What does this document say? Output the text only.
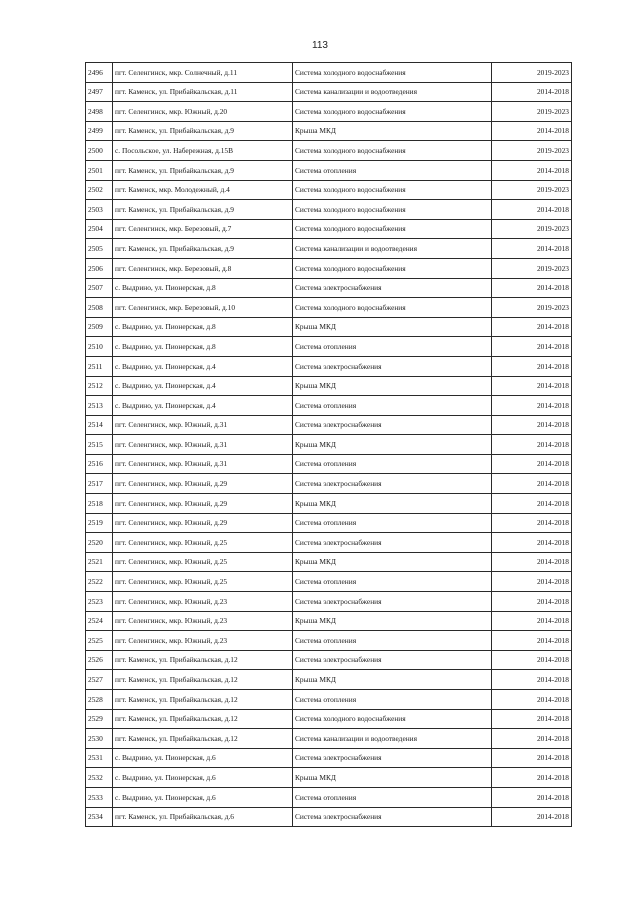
113
2496	пгт. Селенгинск, мкр. Солнечный, д.11	Система холодного водоснабжения	2019-2023
2497	пгт. Каменск, ул. Прибайкальская, д.11	Система канализации и водоотведения	2014-2018
2498	пгт. Селенгинск, мкр. Южный, д.20	Система холодного водоснабжения	2019-2023
2499	пгт. Каменск, ул. Прибайкальская, д.9	Крыша МКД	2014-2018
2500	с. Посольское, ул. Набережная, д.15В	Система холодного водоснабжения	2019-2023
2501	пгт. Каменск, ул. Прибайкальская, д.9	Система отопления	2014-2018
2502	пгт. Каменск, мкр. Молодежный, д.4	Система холодного водоснабжения	2019-2023
2503	пгт. Каменск, ул. Прибайкальская, д.9	Система холодного водоснабжения	2014-2018
2504	пгт. Селенгинск, мкр. Березовый, д.7	Система холодного водоснабжения	2019-2023
2505	пгт. Каменск, ул. Прибайкальская, д.9	Система канализации и водоотведения	2014-2018
2506	пгт. Селенгинск, мкр. Березовый, д.8	Система холодного водоснабжения	2019-2023
2507	с. Выдрино, ул. Пионерская, д.8	Система электроснабжения	2014-2018
2508	пгт. Селенгинск, мкр. Березовый, д.10	Система холодного водоснабжения	2019-2023
2509	с. Выдрино, ул. Пионерская, д.8	Крыша МКД	2014-2018
2510	с. Выдрино, ул. Пионерская, д.8	Система отопления	2014-2018
2511	с. Выдрино, ул. Пионерская, д.4	Система электроснабжения	2014-2018
2512	с. Выдрино, ул. Пионерская, д.4	Крыша МКД	2014-2018
2513	с. Выдрино, ул. Пионерская, д.4	Система отопления	2014-2018
2514	пгт. Селенгинск, мкр. Южный, д.31	Система электроснабжения	2014-2018
2515	пгт. Селенгинск, мкр. Южный, д.31	Крыша МКД	2014-2018
2516	пгт. Селенгинск, мкр. Южный, д.31	Система отопления	2014-2018
2517	пгт. Селенгинск, мкр. Южный, д.29	Система электроснабжения	2014-2018
2518	пгт. Селенгинск, мкр. Южный, д.29	Крыша МКД	2014-2018
2519	пгт. Селенгинск, мкр. Южный, д.29	Система отопления	2014-2018
2520	пгт. Селенгинск, мкр. Южный, д.25	Система электроснабжения	2014-2018
2521	пгт. Селенгинск, мкр. Южный, д.25	Крыша МКД	2014-2018
2522	пгт. Селенгинск, мкр. Южный, д.25	Система отопления	2014-2018
2523	пгт. Селенгинск, мкр. Южный, д.23	Система электроснабжения	2014-2018
2524	пгт. Селенгинск, мкр. Южный, д.23	Крыша МКД	2014-2018
2525	пгт. Селенгинск, мкр. Южный, д.23	Система отопления	2014-2018
2526	пгт. Каменск, ул. Прибайкальская, д.12	Система электроснабжения	2014-2018
2527	пгт. Каменск, ул. Прибайкальская, д.12	Крыша МКД	2014-2018
2528	пгт. Каменск, ул. Прибайкальская, д.12	Система отопления	2014-2018
2529	пгт. Каменск, ул. Прибайкальская, д.12	Система холодного водоснабжения	2014-2018
2530	пгт. Каменск, ул. Прибайкальская, д.12	Система канализации и водоотведения	2014-2018
2531	с. Выдрино, ул. Пионерская, д.6	Система электроснабжения	2014-2018
2532	с. Выдрино, ул. Пионерская, д.6	Крыша МКД	2014-2018
2533	с. Выдрино, ул. Пионерская, д.6	Система отопления	2014-2018
2534	пгт. Каменск, ул. Прибайкальская, д.6	Система электроснабжения	2014-2018
